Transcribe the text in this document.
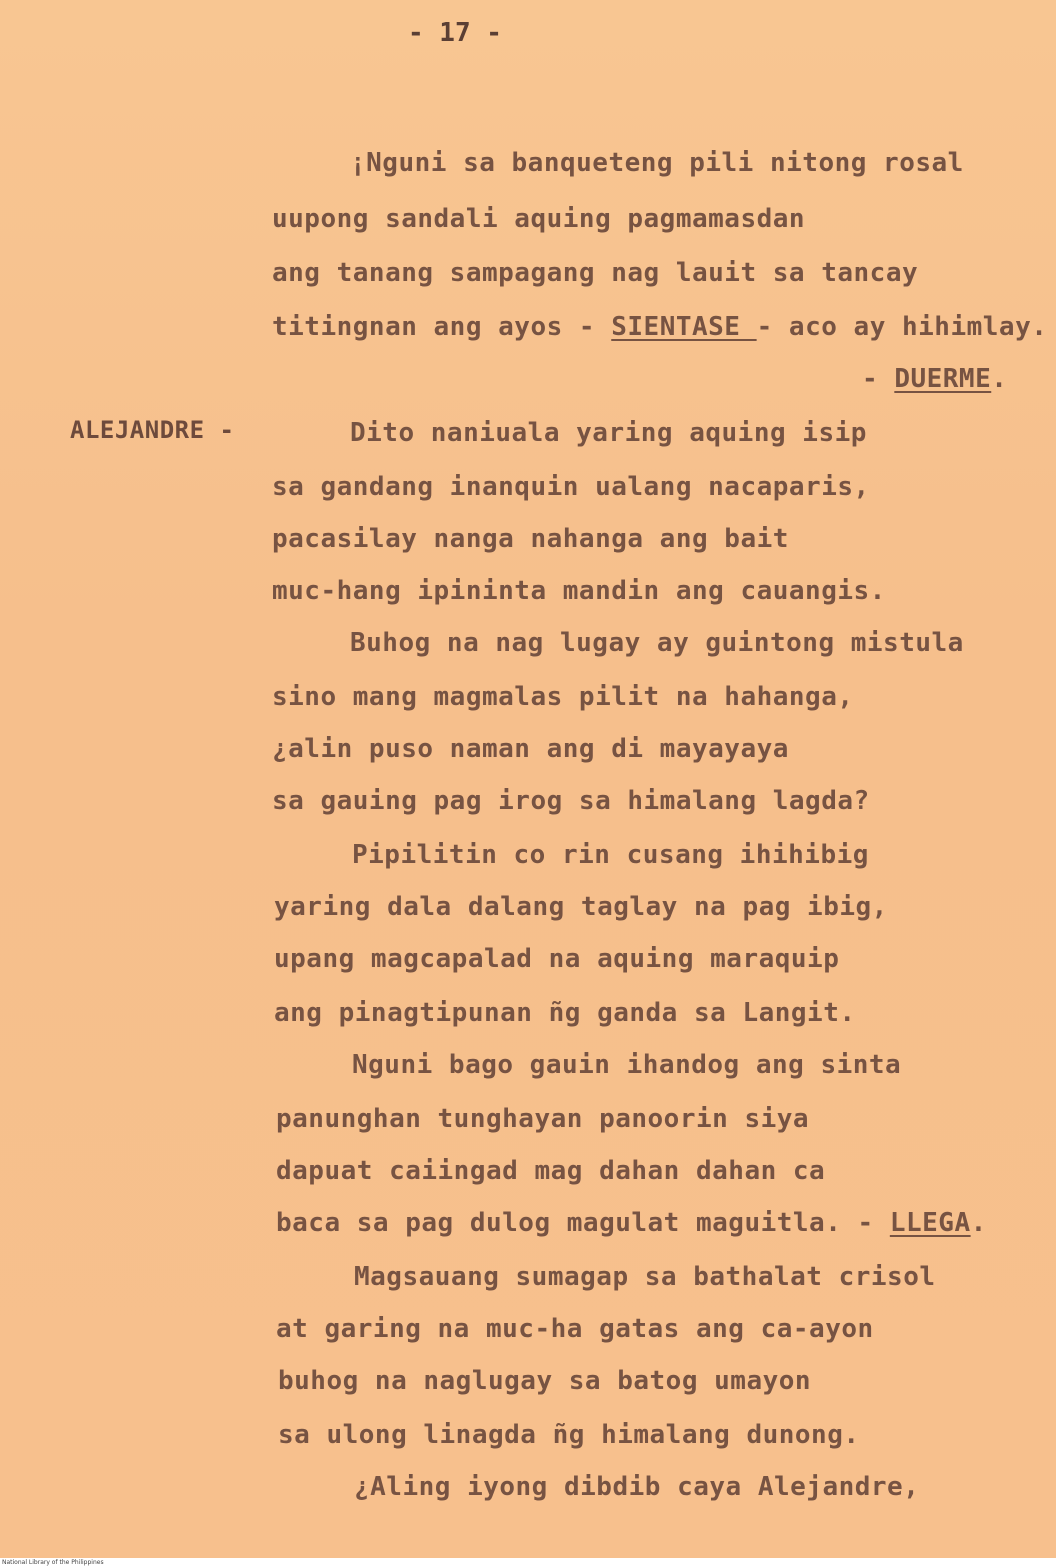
- 17 -
ALEJANDRE -
¡Nguni sa banqueteng pili nitong rosal
uupong sandali aquing pagmamasdan
ang tanang sampagang nag lauit sa tancay
titingnan ang ayos - SIENTASE - aco ay hihimlay.
- DUERME.
Dito naniuala yaring aquing isip
sa gandang inanquin ualang nacaparis,
pacasilay nanga nahanga ang bait
muc-hang ipininta mandin ang cauangis.
Buhog na nag lugay ay guintong mistula
sino mang magmalas pilit na hahanga,
¿alin puso naman ang di mayayaya
sa gauing pag irog sa himalang lagda?
Pipilitin co rin cusang ihihibig
yaring dala dalang taglay na pag ibig,
upang magcapalad na aquing maraquip
ang pinagtipunan ñg ganda sa Langit.
Nguni bago gauin ihandog ang sinta
panunghan tunghayan panoorin siya
dapuat caiingad mag dahan dahan ca
baca sa pag dulog magulat maguitla. - LLEGA.
Magsauang sumagap sa bathalat crisol
at garing na muc-ha gatas ang ca-ayon
buhog na naglugay sa batog umayon
sa ulong linagda ñg himalang dunong.
¿Aling iyong dibdib caya Alejandre,
National Library of the Philippines
